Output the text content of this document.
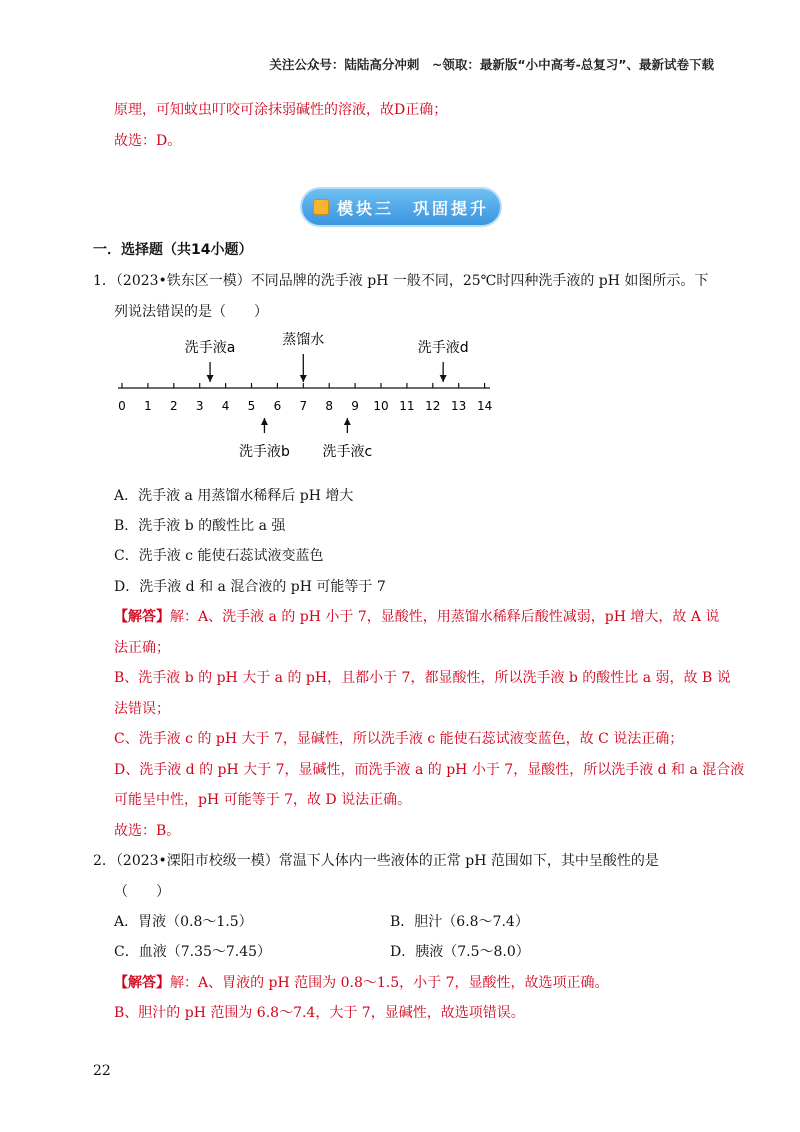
关注公众号：陆陆高分冲刺　~领取：最新版“小中高考-总复习”、最新试卷下载
原理，可知蚊虫叮咬可涂抹弱碱性的溶液，故D正确；
故选：D。
模块三　巩固提升
一．选择题（共14小题）
1．（2023•铁东区一模）不同品牌的洗手液 pH 一般不同，25℃时四种洗手液的 pH 如图所示。下
列说法错误的是（　　）
0 1 2 3 4 5 6 7 8 9 10 11 12 13 14
洗手液a	蒸馏水	洗手液d
洗手液b 洗手液c
A．洗手液 a 用蒸馏水稀释后 pH 增大
B．洗手液 b 的酸性比 a 强
C．洗手液 c 能使石蕊试液变蓝色
D．洗手液 d 和 a 混合液的 pH 可能等于 7
【解答】解：A、洗手液 a 的 pH 小于 7，显酸性，用蒸馏水稀释后酸性减弱，pH 增大，故 A 说
法正确；
B、洗手液 b 的 pH 大于 a 的 pH，且都小于 7，都显酸性，所以洗手液 b 的酸性比 a 弱，故 B 说
法错误；
C、洗手液 c 的 pH 大于 7，显碱性，所以洗手液 c 能使石蕊试液变蓝色，故 C 说法正确；
D、洗手液 d 的 pH 大于 7，显碱性，而洗手液 a 的 pH 小于 7，显酸性，所以洗手液 d 和 a 混合液
可能呈中性，pH 可能等于 7，故 D 说法正确。
故选：B。
2．（2023•溧阳市校级一模）常温下人体内一些液体的正常 pH 范围如下，其中呈酸性的是
（　　）
A．胃液（0.8～1.5）	B．胆汁（6.8～7.4）
C．血液（7.35～7.45）	D．胰液（7.5～8.0）
【解答】解：A、胃液的 pH 范围为 0.8～1.5，小于 7，显酸性，故选项正确。
B、胆汁的 pH 范围为 6.8～7.4，大于 7，显碱性，故选项错误。
22
